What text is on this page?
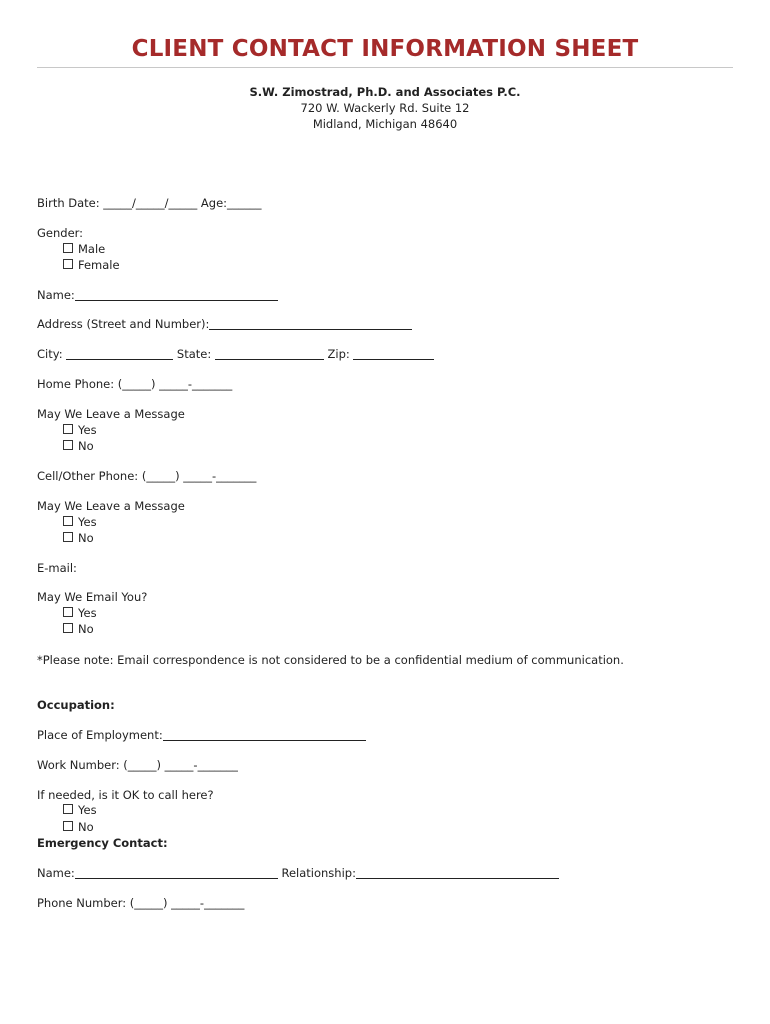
CLIENT CONTACT INFORMATION SHEET
S.W. Zimostrad, Ph.D. and Associates P.C.
720 W. Wackerly Rd. Suite 12
Midland, Michigan 48640
Birth Date: _____/_____/_____ Age:______
Gender:
Male
Female
Name:
Address (Street and Number):
City:	State:	Zip:
Home Phone: (_____) _____-_______
May We Leave a Message
Yes
No
Cell/Other Phone: (_____) _____-_______
May We Leave a Message
Yes
No
E-mail:
May We Email You?
Yes
No
*Please note: Email correspondence is not considered to be a confidential medium of communication.
Occupation:
Place of Employment:
Work Number: (_____) _____-_______
If needed, is it OK to call here?
Yes
No
Emergency Contact:
Name:	Relationship:
Phone Number: (_____) _____-_______
